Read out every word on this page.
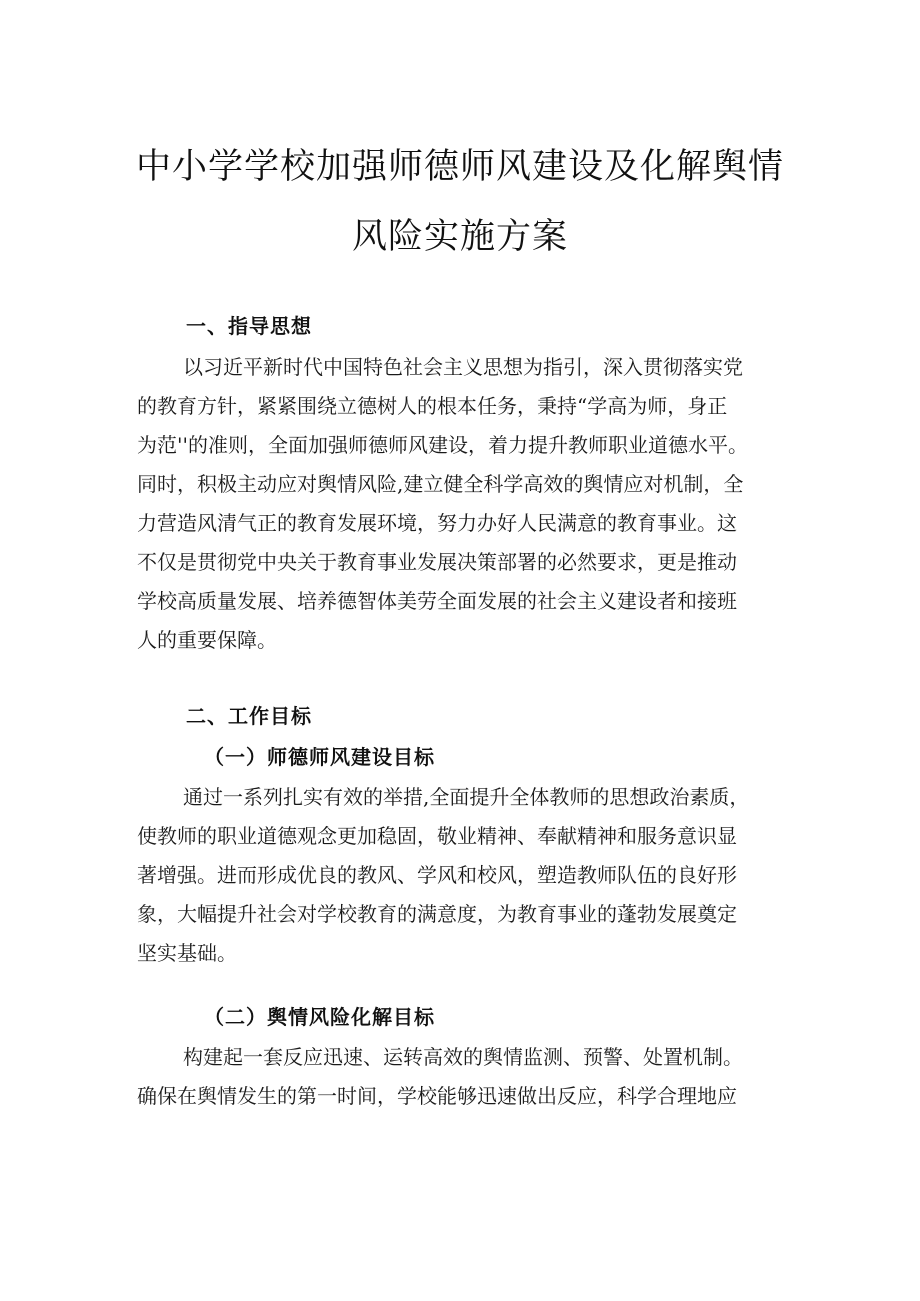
中小学学校加强师德师风建设及化解舆情
风险实施方案
一、指导思想
以习近平新时代中国特色社会主义思想为指引，深入贯彻落实党
的教育方针，紧紧围绕立德树人的根本任务，秉持“学高为师，身正
为范''的准则，全面加强师德师风建设，着力提升教师职业道德水平。
同时，积极主动应对舆情风险,建立健全科学高效的舆情应对机制，全
力营造风清气正的教育发展环境，努力办好人民满意的教育事业。这
不仅是贯彻党中央关于教育事业发展决策部署的必然要求，更是推动
学校高质量发展、培养德智体美劳全面发展的社会主义建设者和接班
人的重要保障。
二、工作目标
（一）师德师风建设目标
通过一系列扎实有效的举措,全面提升全体教师的思想政治素质，
使教师的职业道德观念更加稳固，敬业精神、奉献精神和服务意识显
著增强。进而形成优良的教风、学风和校风，塑造教师队伍的良好形
象，大幅提升社会对学校教育的满意度，为教育事业的蓬勃发展奠定
坚实基础。
（二）舆情风险化解目标
构建起一套反应迅速、运转高效的舆情监测、预警、处置机制。
确保在舆情发生的第一时间，学校能够迅速做出反应，科学合理地应
